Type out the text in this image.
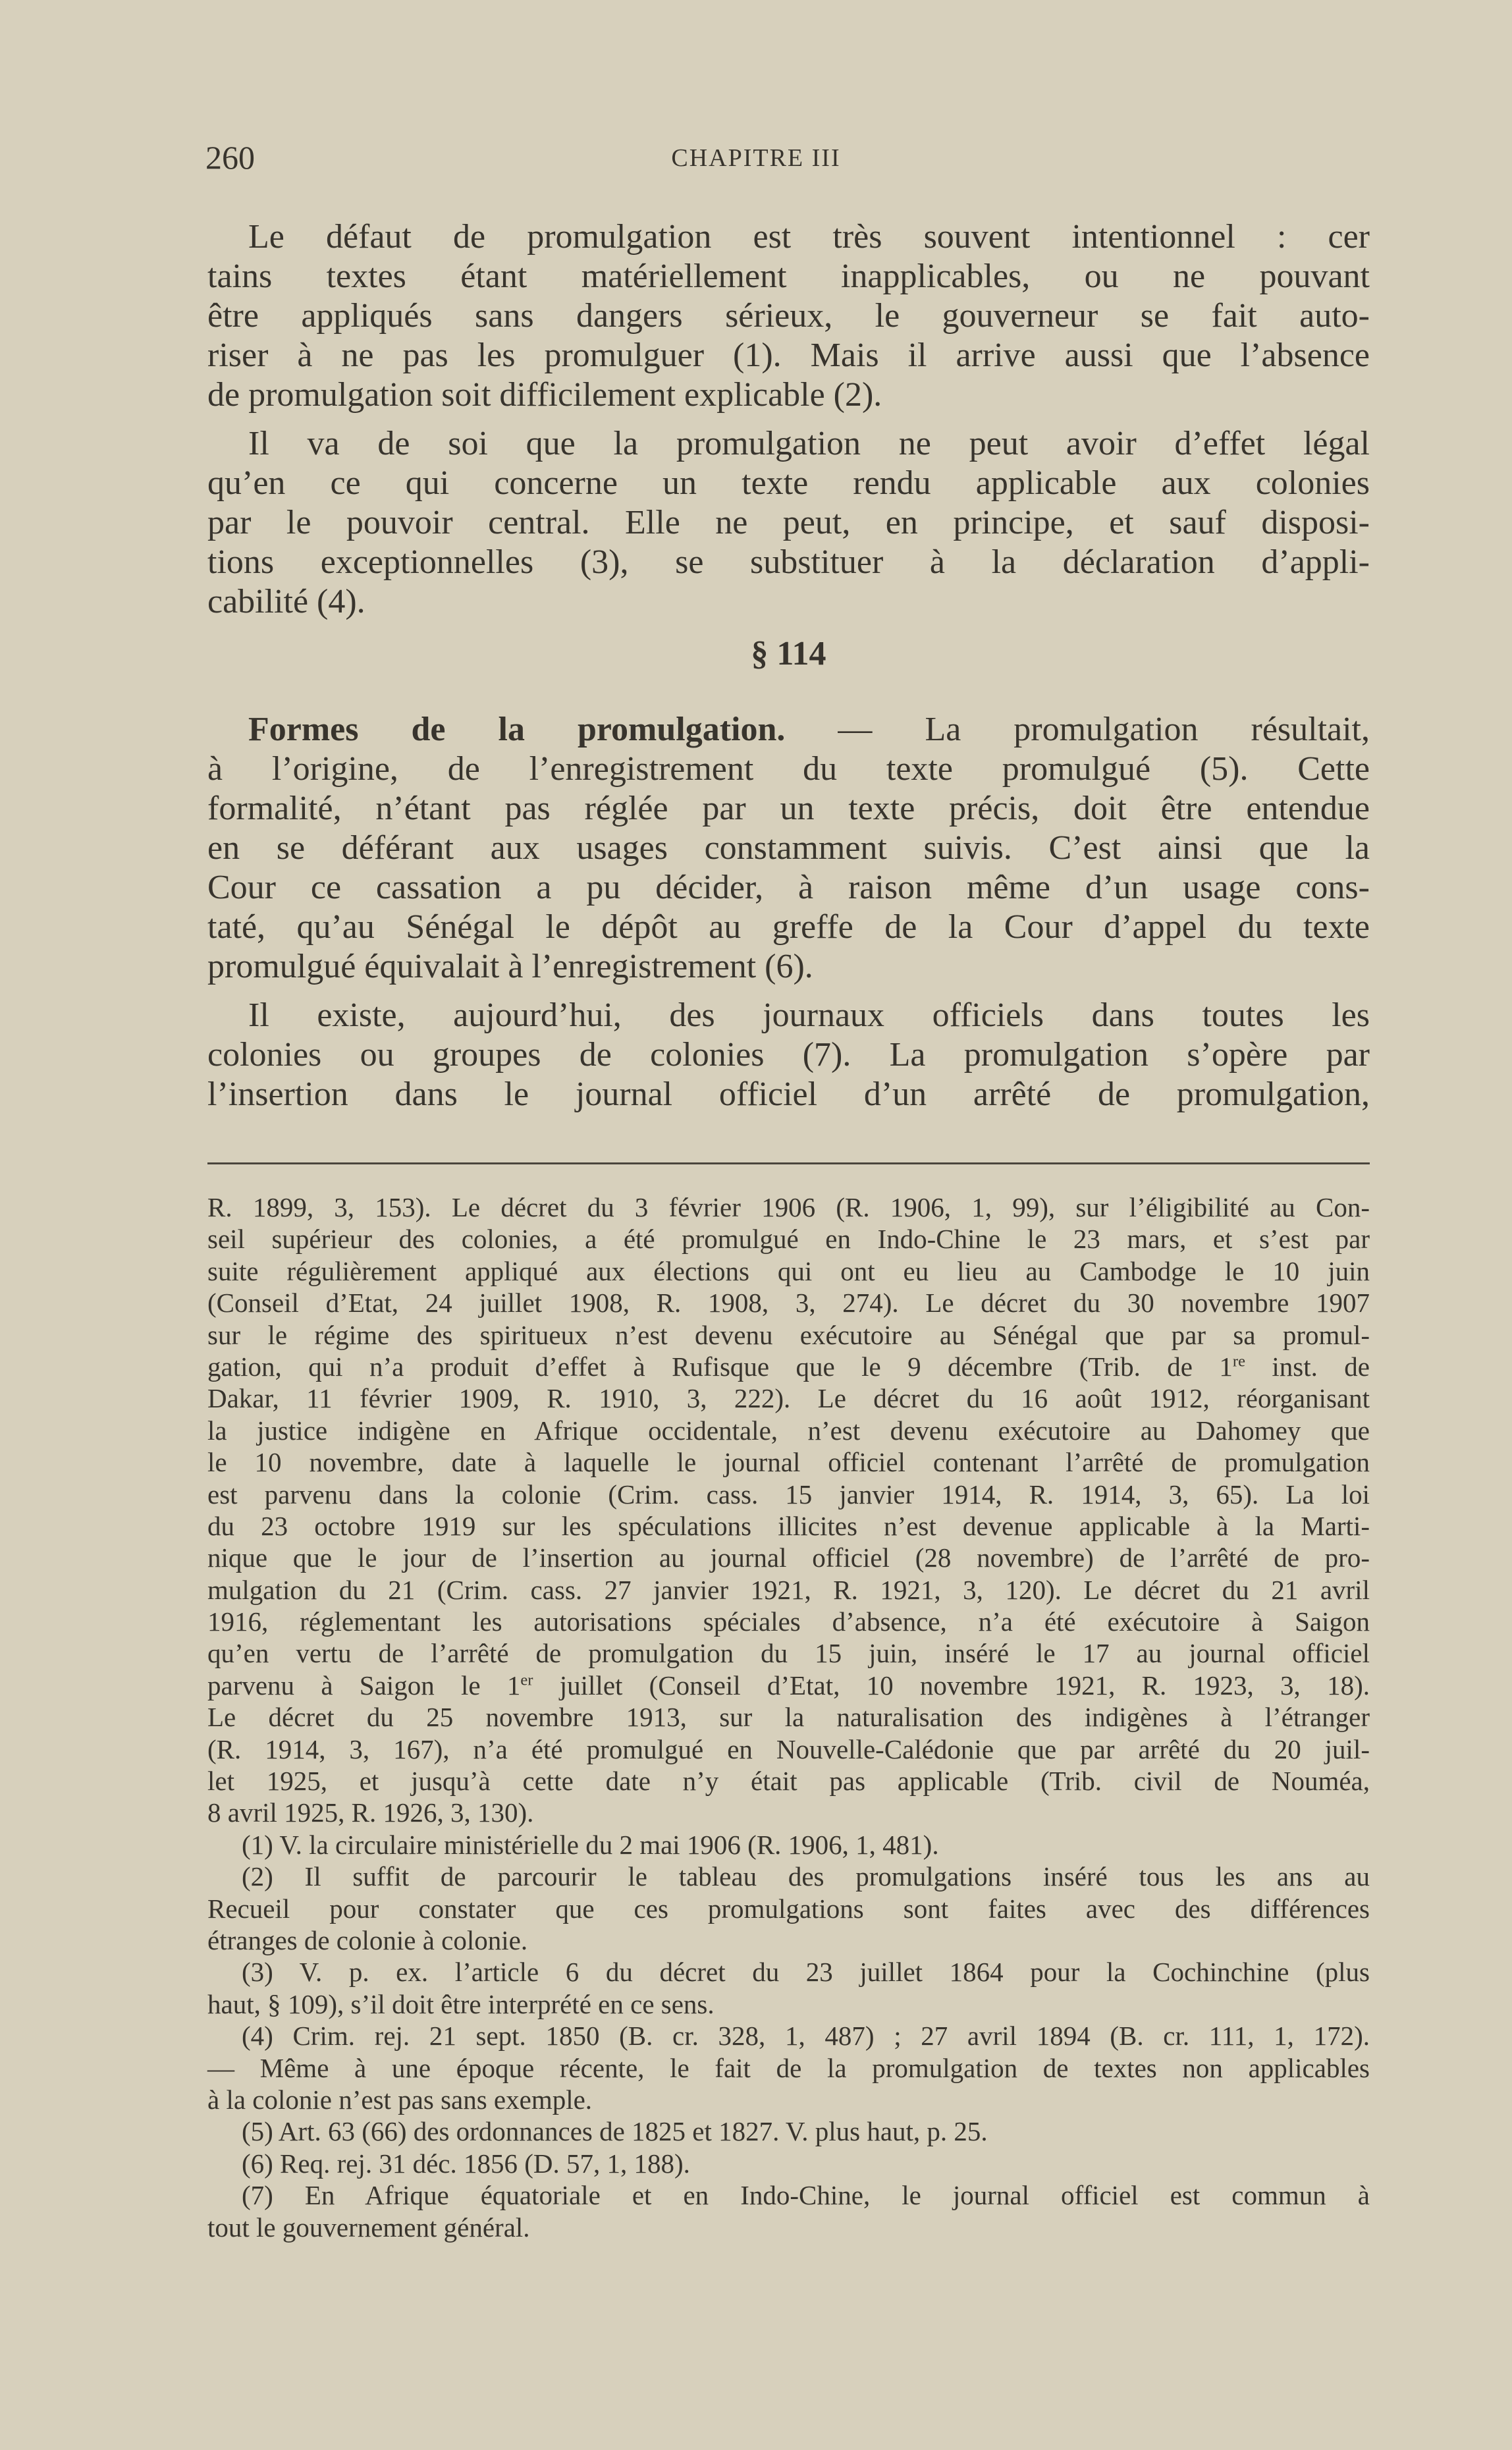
260	CHAPITRE III
Le défaut de promulgation est très souvent intentionnel : cer
tains textes étant matériellement inapplicables, ou ne pouvant
être appliqués sans dangers sérieux, le gouverneur se fait auto-
riser à ne pas les promulguer (1). Mais il arrive aussi que l’absence
de promulgation soit difficilement explicable (2).
Il va de soi que la promulgation ne peut avoir d’effet légal
qu’en ce qui concerne un texte rendu applicable aux colonies
par le pouvoir central. Elle ne peut, en principe, et sauf disposi-
tions exceptionnelles (3), se substituer à la déclaration d’appli-
cabilité (4).
§ 114
Formes de la promulgation. — La promulgation résultait,
à l’origine, de l’enregistrement du texte promulgué (5). Cette
formalité, n’étant pas réglée par un texte précis, doit être entendue
en se déférant aux usages constamment suivis. C’est ainsi que la
Cour ce cassation a pu décider, à raison même d’un usage cons-
taté, qu’au Sénégal le dépôt au greffe de la Cour d’appel du texte
promulgué équivalait à l’enregistrement (6).
Il existe, aujourd’hui, des journaux officiels dans toutes les
colonies ou groupes de colonies (7). La promulgation s’opère par
l’insertion dans le journal officiel d’un arrêté de promulgation,
R. 1899, 3, 153). Le décret du 3 février 1906 (R. 1906, 1, 99), sur l’éligibilité au Con-
seil supérieur des colonies, a été promulgué en Indo-Chine le 23 mars, et s’est par
suite régulièrement appliqué aux élections qui ont eu lieu au Cambodge le 10 juin
(Conseil d’Etat, 24 juillet 1908, R. 1908, 3, 274). Le décret du 30 novembre 1907
sur le régime des spiritueux n’est devenu exécutoire au Sénégal que par sa promul-
gation, qui n’a produit d’effet à Rufisque que le 9 décembre (Trib. de 1re inst. de
Dakar, 11 février 1909, R. 1910, 3, 222). Le décret du 16 août 1912, réorganisant
la justice indigène en Afrique occidentale, n’est devenu exécutoire au Dahomey que
le 10 novembre, date à laquelle le journal officiel contenant l’arrêté de promulgation
est parvenu dans la colonie (Crim. cass. 15 janvier 1914, R. 1914, 3, 65). La loi
du 23 octobre 1919 sur les spéculations illicites n’est devenue applicable à la Marti-
nique que le jour de l’insertion au journal officiel (28 novembre) de l’arrêté de pro-
mulgation du 21 (Crim. cass. 27 janvier 1921, R. 1921, 3, 120). Le décret du 21 avril
1916, réglementant les autorisations spéciales d’absence, n’a été exécutoire à Saigon
qu’en vertu de l’arrêté de promulgation du 15 juin, inséré le 17 au journal officiel
parvenu à Saigon le 1er juillet (Conseil d’Etat, 10 novembre 1921, R. 1923, 3, 18).
Le décret du 25 novembre 1913, sur la naturalisation des indigènes à l’étranger
(R. 1914, 3, 167), n’a été promulgué en Nouvelle-Calédonie que par arrêté du 20 juil-
let 1925, et jusqu’à cette date n’y était pas applicable (Trib. civil de Nouméa,
8 avril 1925, R. 1926, 3, 130).
(1) V. la circulaire ministérielle du 2 mai 1906 (R. 1906, 1, 481).
(2) Il suffit de parcourir le tableau des promulgations inséré tous les ans au
Recueil pour constater que ces promulgations sont faites avec des différences
étranges de colonie à colonie.
(3) V. p. ex. l’article 6 du décret du 23 juillet 1864 pour la Cochinchine (plus
haut, § 109), s’il doit être interprété en ce sens.
(4) Crim. rej. 21 sept. 1850 (B. cr. 328, 1, 487) ; 27 avril 1894 (B. cr. 111, 1, 172).
— Même à une époque récente, le fait de la promulgation de textes non applicables
à la colonie n’est pas sans exemple.
(5) Art. 63 (66) des ordonnances de 1825 et 1827. V. plus haut, p. 25.
(6) Req. rej. 31 déc. 1856 (D. 57, 1, 188).
(7) En Afrique équatoriale et en Indo-Chine, le journal officiel est commun à
tout le gouvernement général.
